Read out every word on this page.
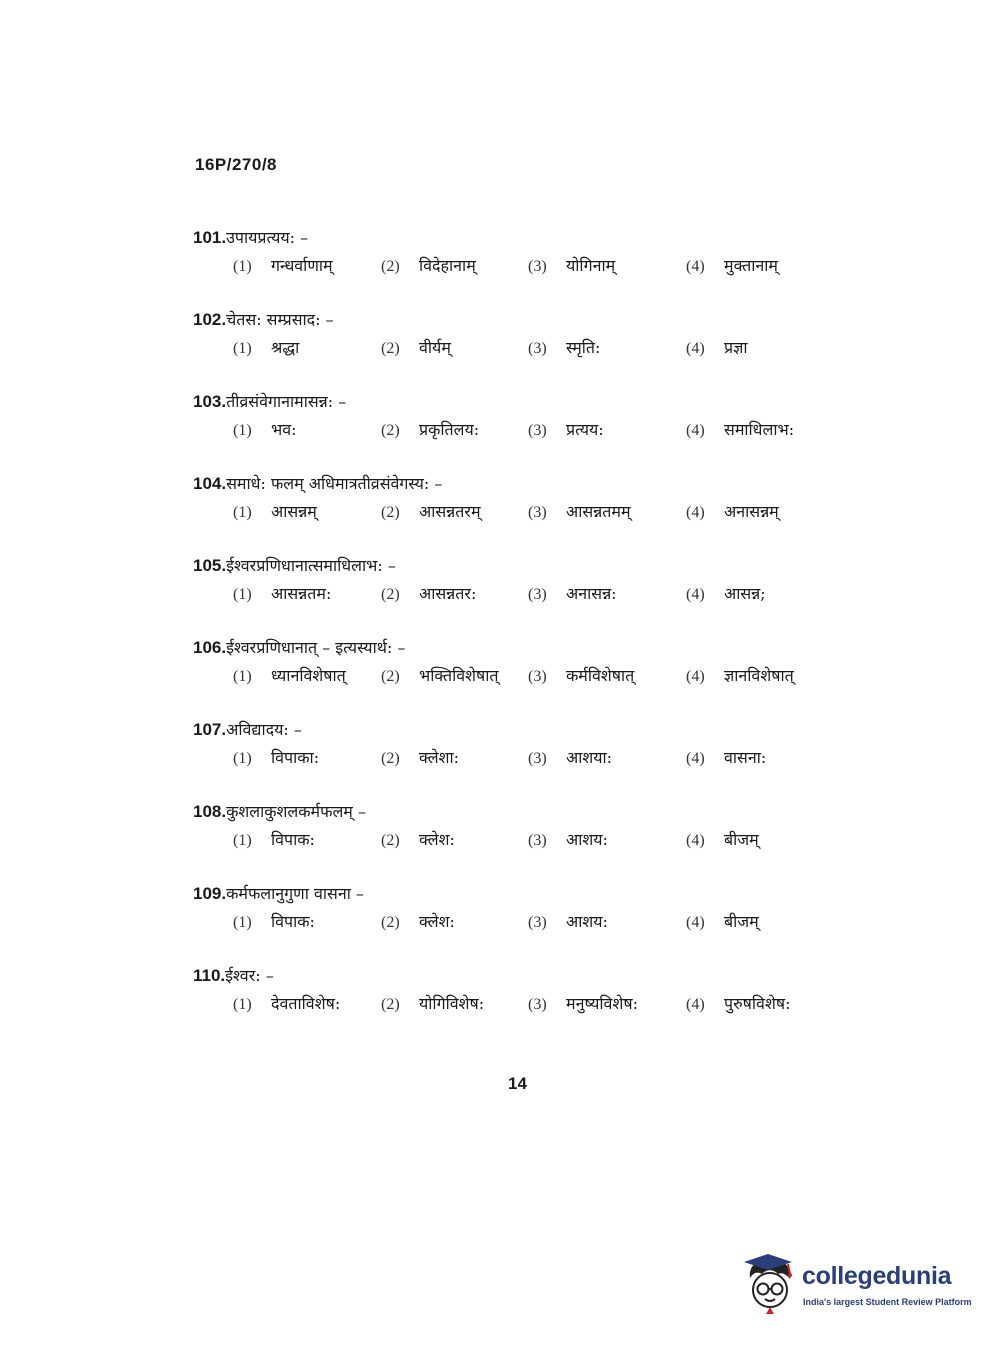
16P/270/8
101.उपायप्रत्यय: –
(1) गन्धर्वाणाम्	(2) विदेहानाम्	(3) योगिनाम्	(4) मुक्तानाम्
102.चेतस: सम्प्रसाद: –
(1) श्रद्धा	(2) वीर्यम्	(3) स्मृति:	(4) प्रज्ञा
103.तीव्रसंवेगानामासन्न: –
(1) भव:	(2) प्रकृतिलय:	(3) प्रत्यय:	(4) समाधिलाभ:
104.समाधे: फलम् अधिमात्रतीव्रसंवेगस्य: –
(1) आसन्नम्	(2) आसन्नतरम्	(3) आसन्नतमम्	(4) अनासन्नम्
105.ईश्वरप्रणिधानात्समाधिलाभ: –
(1) आसन्नतम:	(2) आसन्नतर:	(3) अनासन्न:	(4) आसन्न;
106.ईश्वरप्रणिधानात् – इत्यस्यार्थ: –
(1) ध्यानविशेषात् (2) भक्तिविशेषात् (3) कर्मविशेषात्	(4) ज्ञानविशेषात्
107.अविद्यादय: –
(1) विपाका:	(2) क्लेशा:	(3) आशया:	(4) वासना:
108.कुशलाकुशलकर्मफलम् –
(1) विपाक:	(2) क्लेश:	(3) आशय:	(4) बीजम्
109.कर्मफलानुगुणा वासना –
(1) विपाक:	(2) क्लेश:	(3) आशय:	(4) बीजम्
110.ईश्वर: –
(1) देवताविशेष:	(2) योगिविशेष:	(3) मनुष्यविशेष:	(4) पुरुषविशेष:
14
collegedunia
India's largest Student Review Platform
